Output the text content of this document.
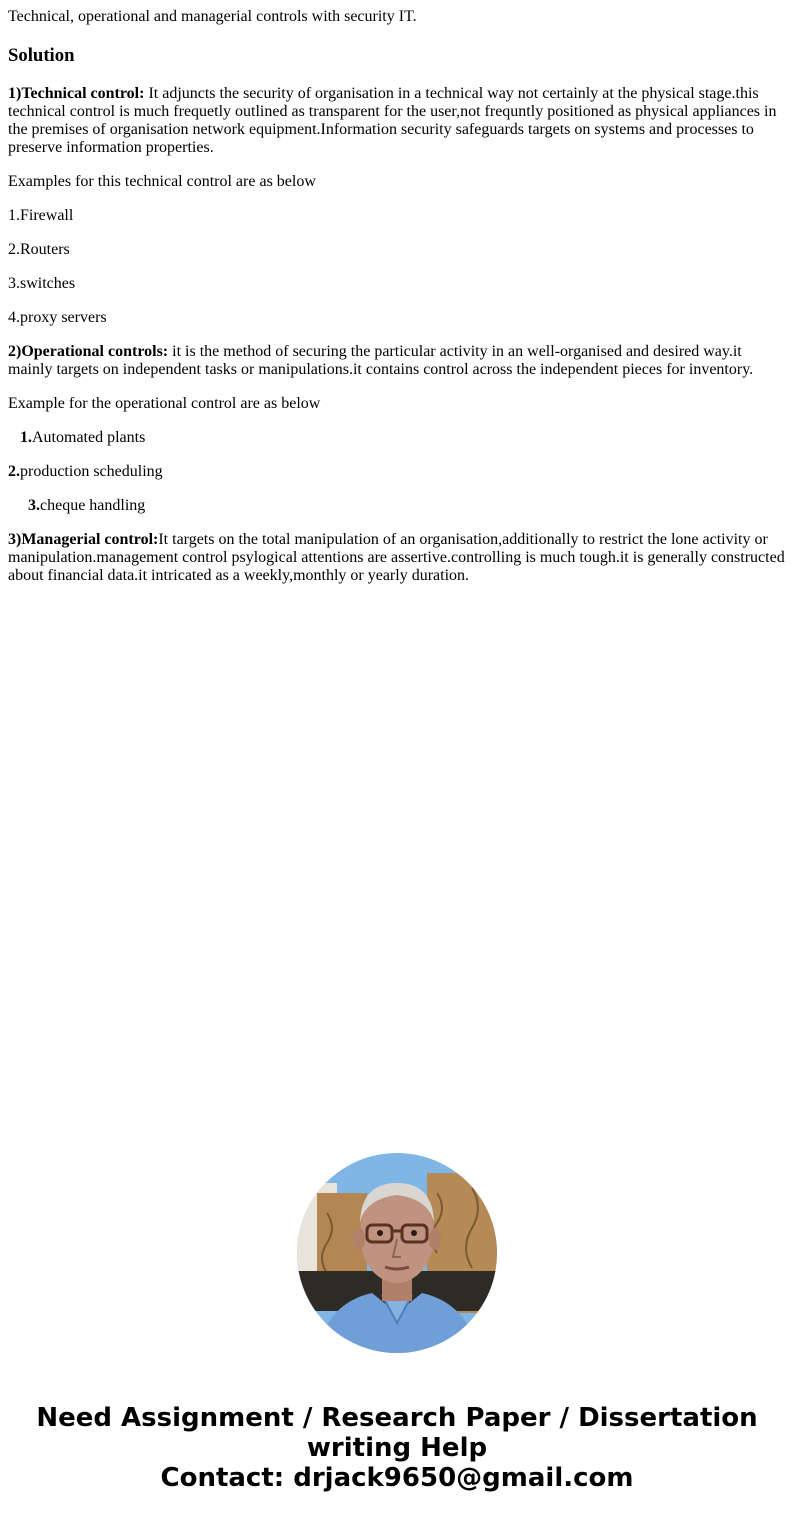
Technical, operational and managerial controls with security IT.
Solution

1)Technical control: It adjuncts the security of organisation in a technical way not certainly at the physical stage.this technical control is much frequetly outlined as transparent for the user,not frequntly positioned as physical appliances in the premises of organisation network equipment.Information security safeguards targets on systems and processes to preserve information properties.

Examples for this technical control are as below

1.Firewall

2.Routers

3.switches

4.proxy servers

2)Operational controls: it is the method of securing the particular activity in an well-organised and desired way.it mainly targets on independent tasks or manipulations.it contains control across the independent pieces for inventory.

Example for the operational control are as below

1.Automated plants

2.production scheduling

3.cheque handling

3)Managerial control:It targets on the total manipulation of an organisation,additionally to restrict the lone activity or manipulation.management control psylogical attentions are assertive.controlling is much tough.it is generally constructed about financial data.it intricated as a weekly,monthly or yearly duration.

Need Assignment / Research Paper / Dissertation
writing Help
Contact: drjack9650@gmail.com
